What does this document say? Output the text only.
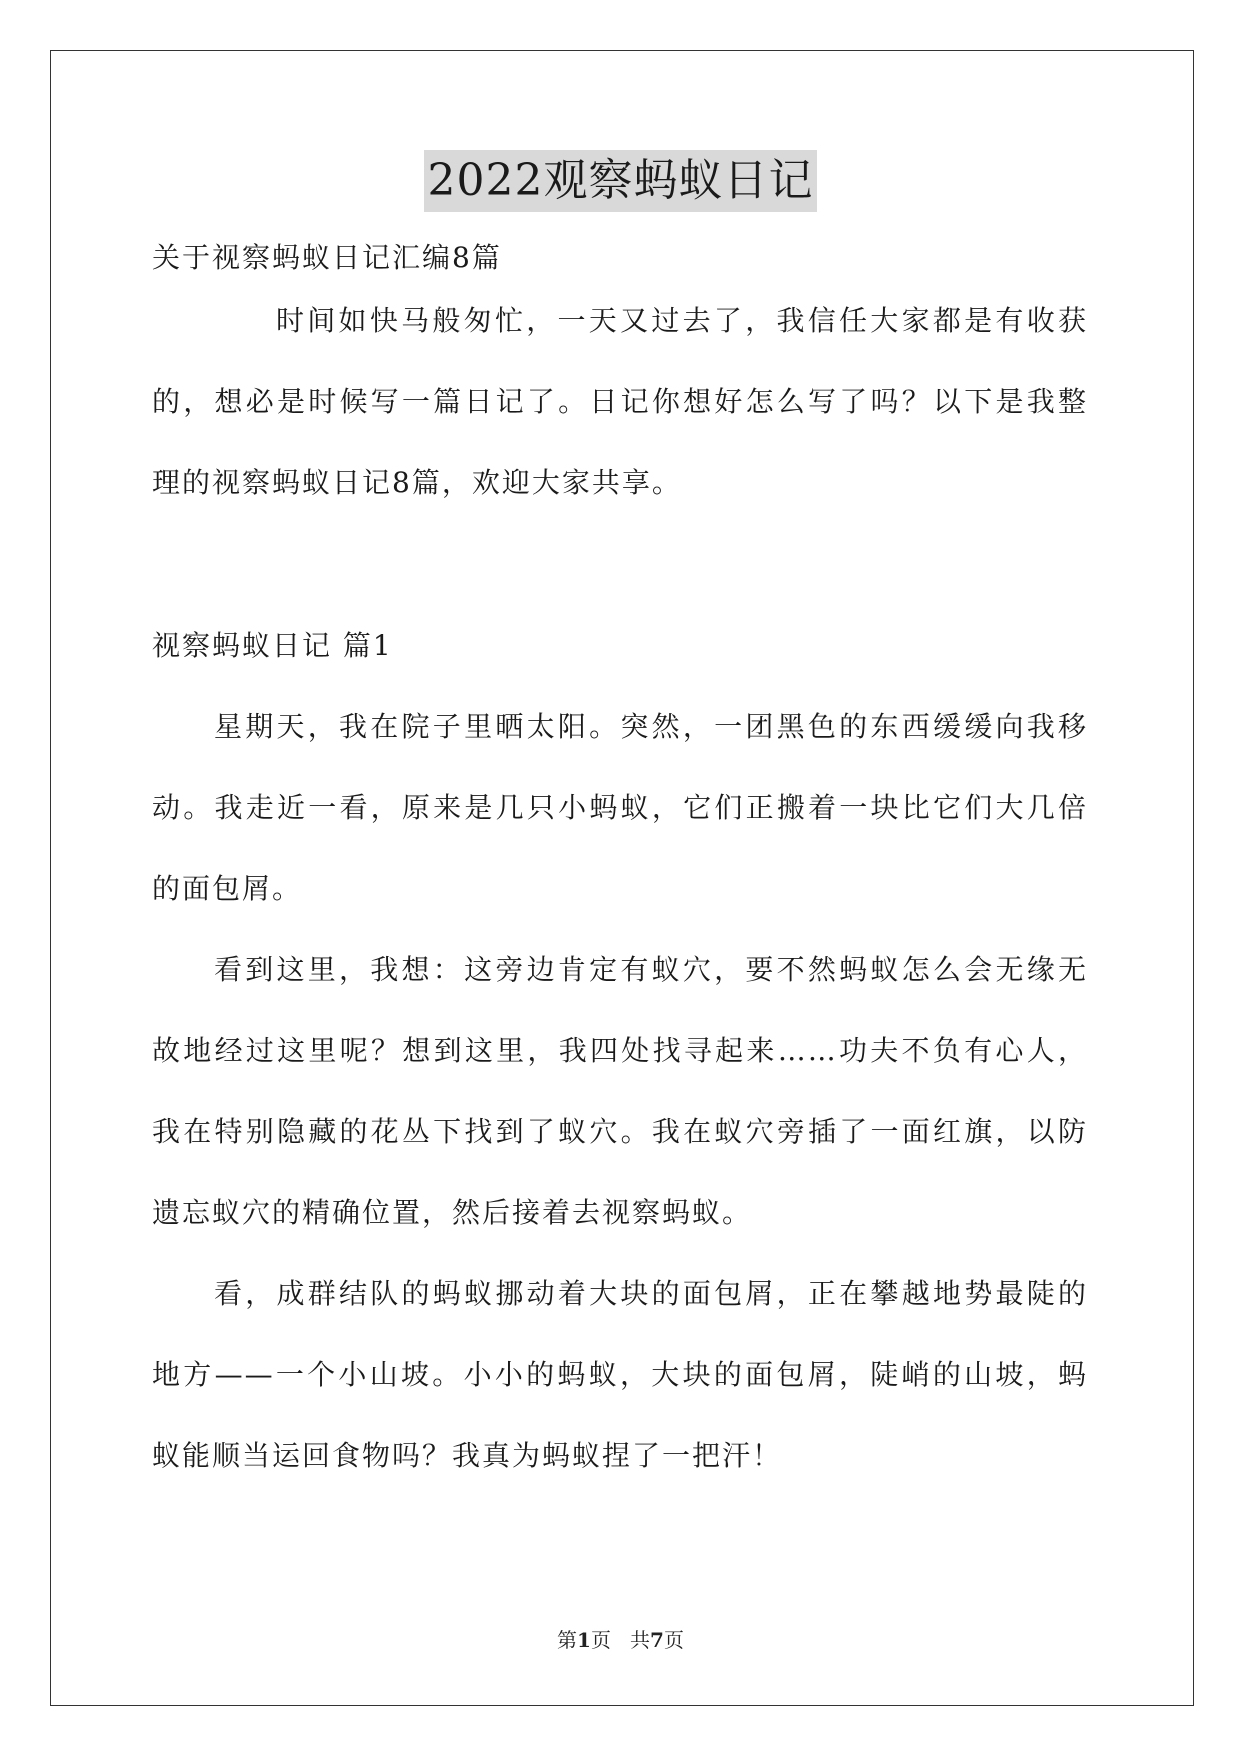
2022观察蚂蚁日记
关于视察蚂蚁日记汇编8篇
时间如快马般匆忙，一天又过去了，我信任大家都是有收获
的，想必是时候写一篇日记了。日记你想好怎么写了吗？以下是我整
理的视察蚂蚁日记8篇，欢迎大家共享。
视察蚂蚁日记 篇1
星期天，我在院子里晒太阳。突然，一团黑色的东西缓缓向我移
动。我走近一看，原来是几只小蚂蚁，它们正搬着一块比它们大几倍
的面包屑。
看到这里，我想：这旁边肯定有蚁穴，要不然蚂蚁怎么会无缘无
故地经过这里呢？想到这里，我四处找寻起来……功夫不负有心人，
我在特别隐藏的花丛下找到了蚁穴。我在蚁穴旁插了一面红旗，以防
遗忘蚁穴的精确位置，然后接着去视察蚂蚁。
看，成群结队的蚂蚁挪动着大块的面包屑，正在攀越地势最陡的
地方——一个小山坡。小小的蚂蚁，大块的面包屑，陡峭的山坡，蚂
蚁能顺当运回食物吗？我真为蚂蚁捏了一把汗！
第1页   共7页
